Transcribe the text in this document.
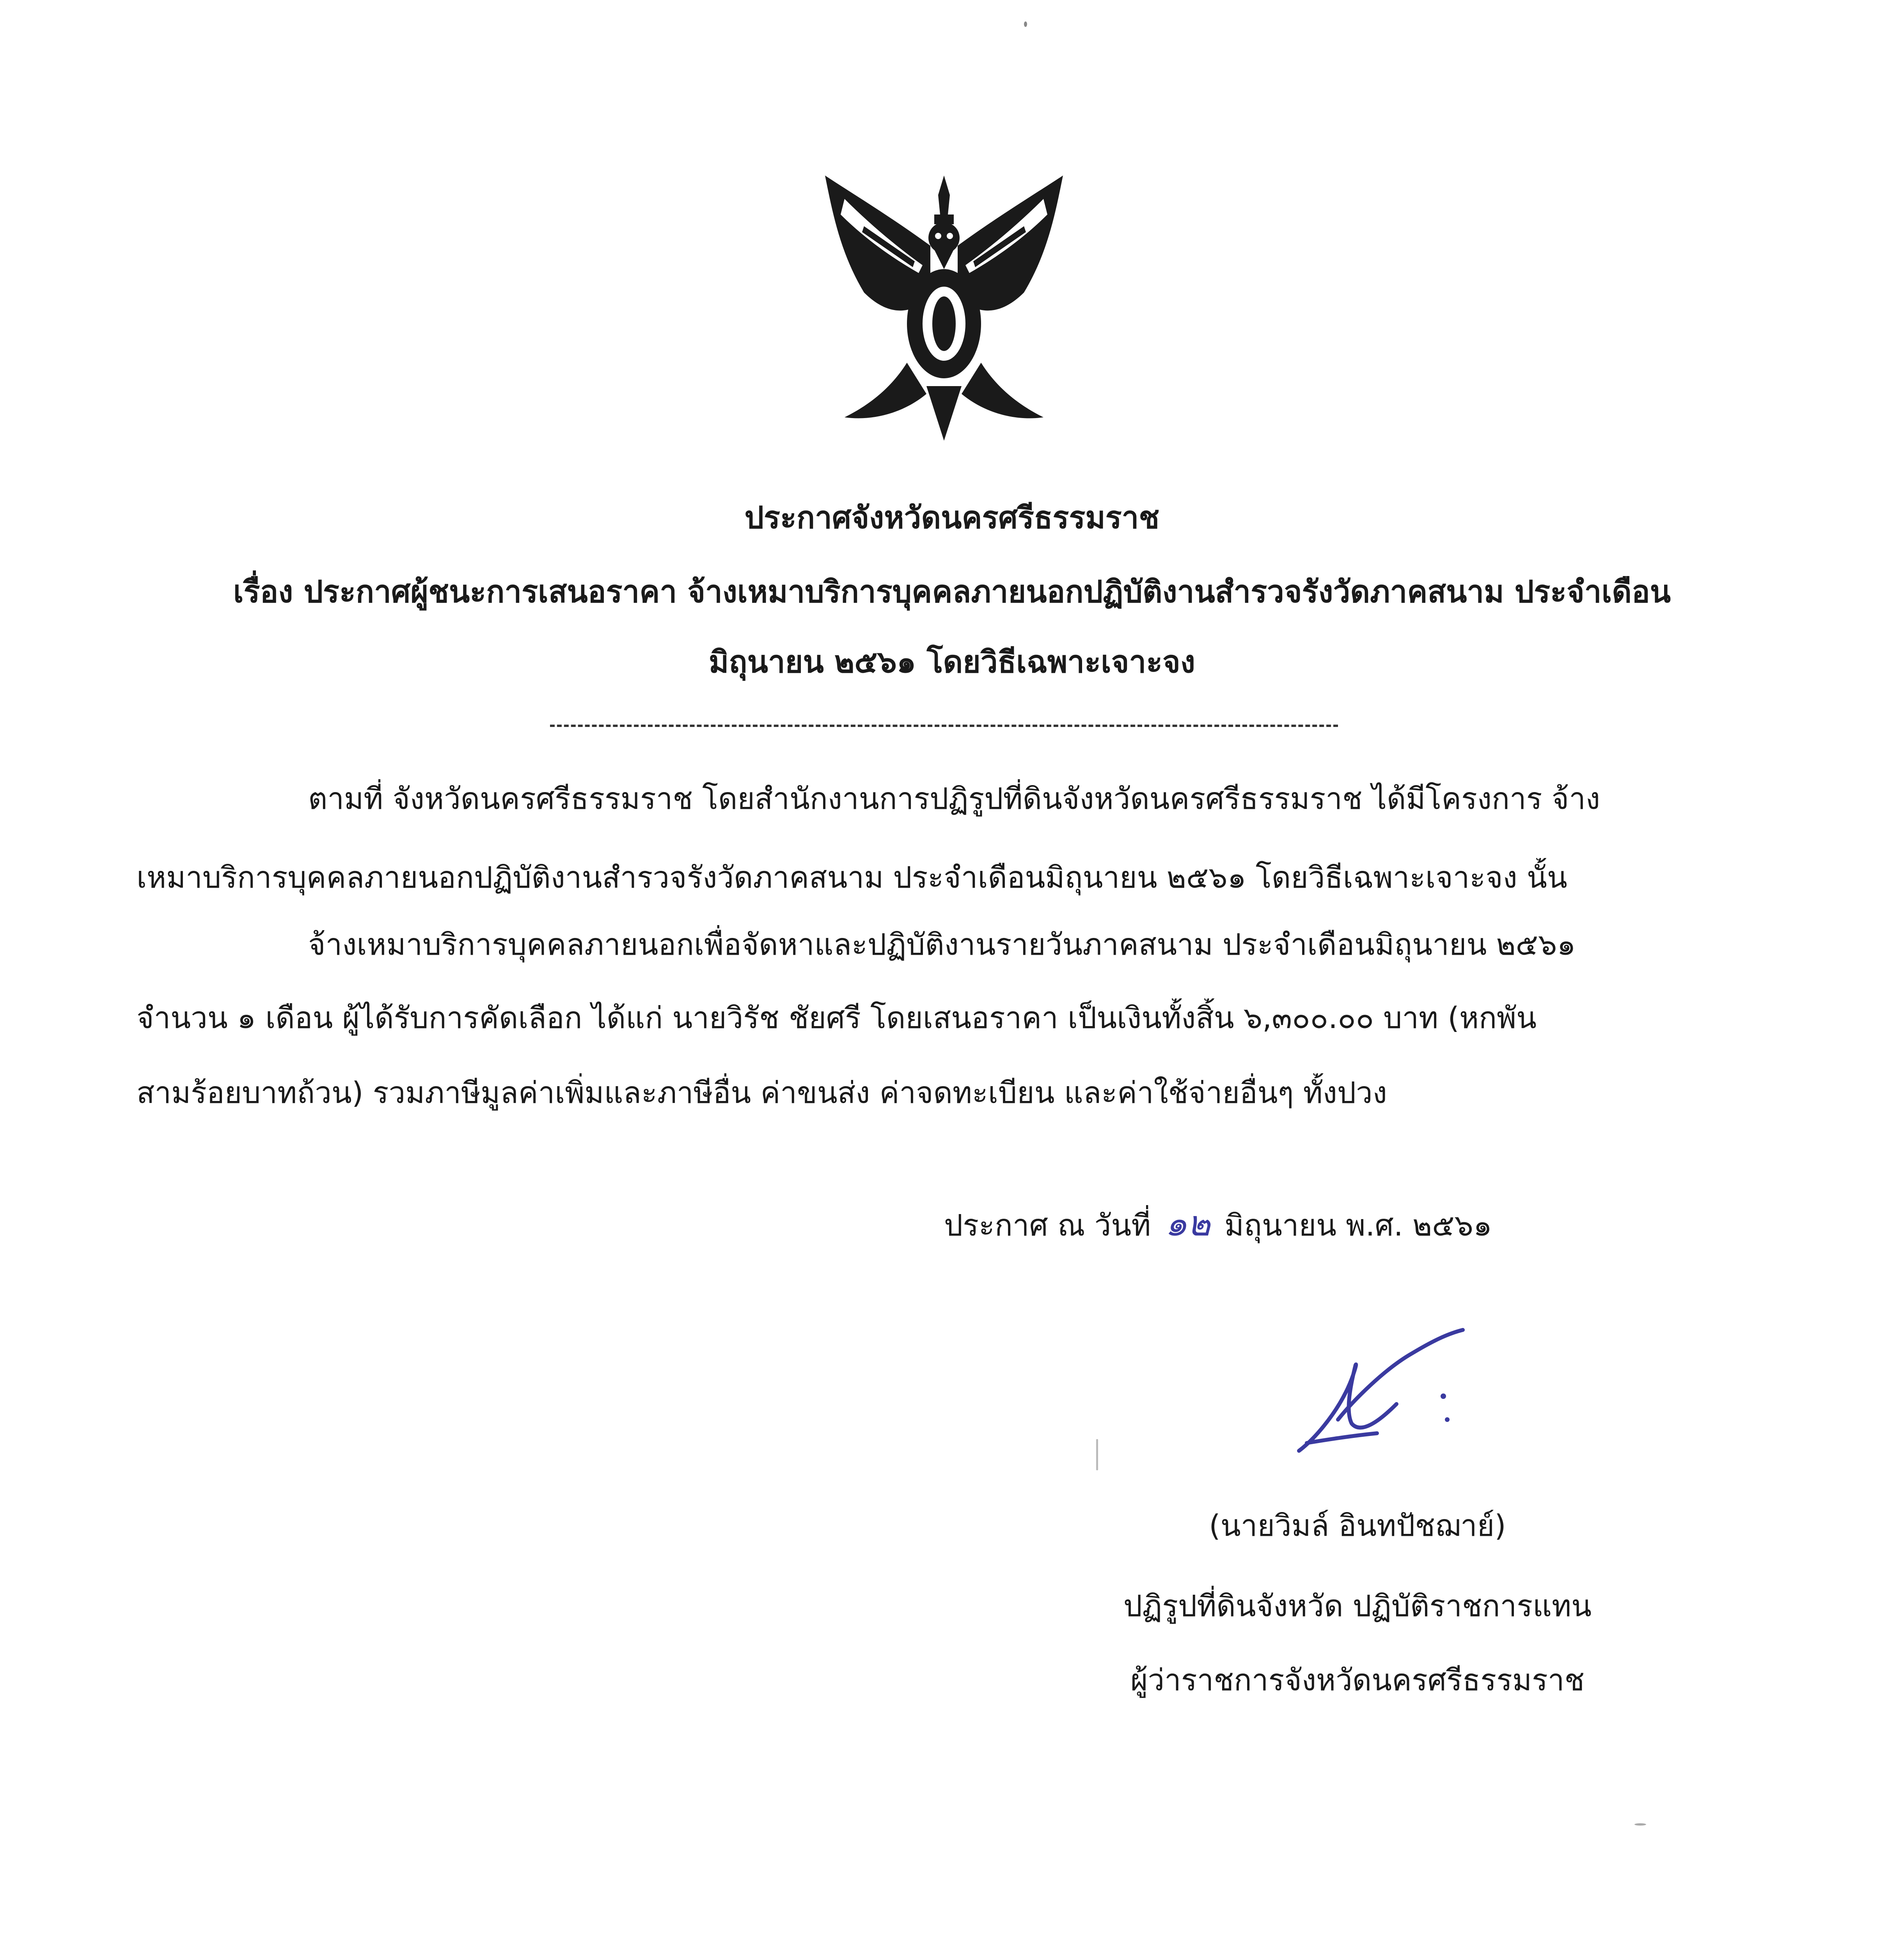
ประกาศจังหวัดนครศรีธรรมราช
เรื่อง ประกาศผู้ชนะการเสนอราคา จ้างเหมาบริการบุคคลภายนอกปฏิบัติงานสำรวจรังวัดภาคสนาม ประจำเดือน
มิถุนายน ๒๕๖๑ โดยวิธีเฉพาะเจาะจง
ตามที่ จังหวัดนครศรีธรรมราช โดยสำนักงานการปฏิรูปที่ดินจังหวัดนครศรีธรรมราช ได้มีโครงการ จ้าง
เหมาบริการบุคคลภายนอกปฏิบัติงานสำรวจรังวัดภาคสนาม ประจำเดือนมิถุนายน ๒๕๖๑ โดยวิธีเฉพาะเจาะจง นั้น
จ้างเหมาบริการบุคคลภายนอกเพื่อจัดหาและปฏิบัติงานรายวันภาคสนาม ประจำเดือนมิถุนายน ๒๕๖๑
จำนวน ๑ เดือน ผู้ได้รับการคัดเลือก ได้แก่ นายวิรัช ชัยศรี โดยเสนอราคา เป็นเงินทั้งสิ้น ๖,๓๐๐.๐๐ บาท (หกพัน
สามร้อยบาทถ้วน) รวมภาษีมูลค่าเพิ่มและภาษีอื่น ค่าขนส่ง ค่าจดทะเบียน และค่าใช้จ่ายอื่นๆ ทั้งปวง
ประกาศ ณ วันที่ ๑๒ มิถุนายน พ.ศ. ๒๕๖๑
(นายวิมล์ อินทปัชฌาย์)
ปฏิรูปที่ดินจังหวัด ปฏิบัติราชการแทน
ผู้ว่าราชการจังหวัดนครศรีธรรมราช
